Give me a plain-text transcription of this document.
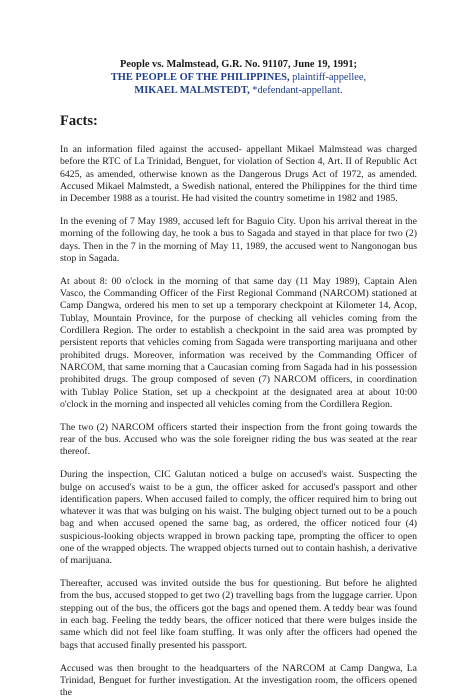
People vs. Malmstead, G.R. No. 91107, June 19, 1991;
THE PEOPLE OF THE PHILIPPINES, plaintiff-appellee,
MIKAEL MALMSTEDT, *defendant-appellant.
Facts:

In an information filed against the accused- appellant Mikael Malmstead was charged before the RTC of La Trinidad, Benguet, for violation of Section 4, Art. II of Republic Act 6425, as amended, otherwise known as the Dangerous Drugs Act of 1972, as amended. Accused Mikael Malmstedt, a Swedish national, entered the Philippines for the third time in December 1988 as a tourist. He had visited the country sometime in 1982 and 1985.

In the evening of 7 May 1989, accused left for Baguio City. Upon his arrival thereat in the morning of the following day, he took a bus to Sagada and stayed in that place for two (2) days. Then in the 7 in the morning of May 11, 1989, the accused went to Nangonogan bus stop in Sagada.

At about 8: 00 o'clock in the morning of that same day (11 May 1989), Captain Alen Vasco, the Commanding Officer of the First Regional Command (NARCOM) stationed at Camp Dangwa, ordered his men to set up a temporary checkpoint at Kilometer 14, Acop, Tublay, Mountain Province, for the purpose of checking all vehicles coming from the Cordillera Region. The order to establish a checkpoint in the said area was prompted by persistent reports that vehicles coming from Sagada were transporting marijuana and other prohibited drugs. Moreover, information was received by the Commanding Officer of NARCOM, that same morning that a Caucasian coming from Sagada had in his possession prohibited drugs. The group composed of seven (7) NARCOM officers, in coordination with Tublay Police Station, set up a checkpoint at the designated area at about 10:00 o'clock in the morning and inspected all vehicles coming from the Cordillera Region.

The two (2) NARCOM officers started their inspection from the front going towards the rear of the bus. Accused who was the sole foreigner riding the bus was seated at the rear thereof.

During the inspection, CIC Galutan noticed a bulge on accused's waist. Suspecting the bulge on accused's waist to be a gun, the officer asked for accused's passport and other identification papers. When accused failed to comply, the officer required him to bring out whatever it was that was bulging on his waist. The bulging object turned out to be a pouch bag and when accused opened the same bag, as ordered, the officer noticed four (4) suspicious-looking objects wrapped in brown packing tape, prompting the officer to open one of the wrapped objects. The wrapped objects turned out to contain hashish, a derivative of marijuana.

Thereafter, accused was invited outside the bus for questioning. But before he alighted from the bus, accused stopped to get two (2) travelling bags from the luggage carrier. Upon stepping out of the bus, the officers got the bags and opened them. A teddy bear was found in each bag. Feeling the teddy bears, the officer noticed that there were bulges inside the same which did not feel like foam stuffing. It was only after the officers had opened the bags that accused finally presented his passport.

Accused was then brought to the headquarters of the NARCOM at Camp Dangwa, La Trinidad, Benguet for further investigation. At the investigation room, the officers opened the
